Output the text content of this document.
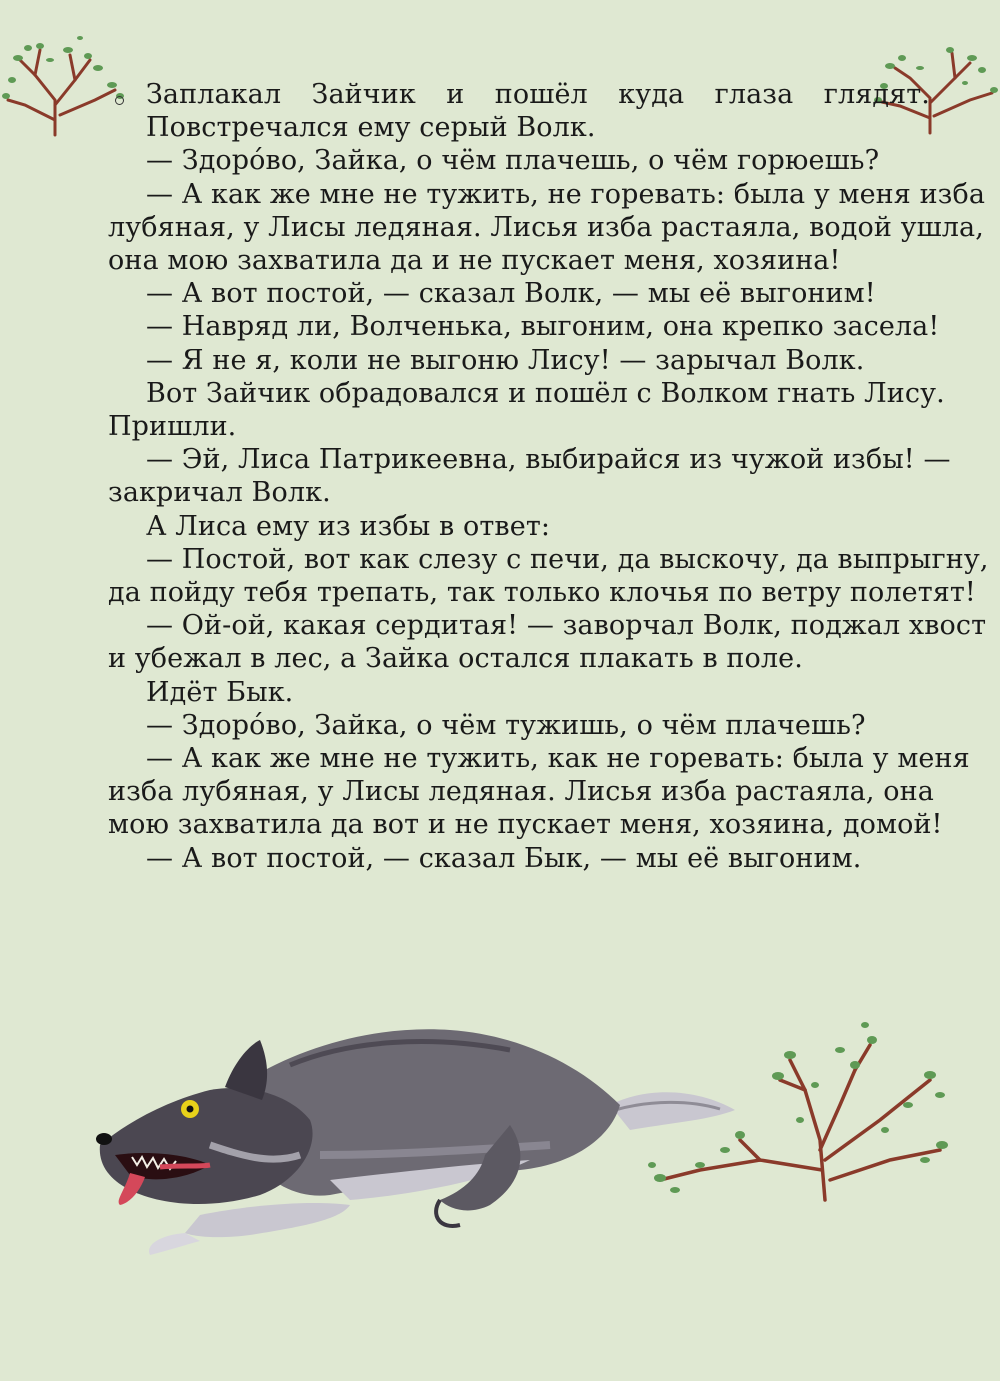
Заплакал Зайчик и пошёл куда глаза глядят.
Повстречался ему серый Волк.
— Здоро́во, Зайка, о чём плачешь, о чём горюешь?
— А как же мне не тужить, не горевать: была у меня изба
лубяная, у Лисы ледяная. Лисья изба растаяла, водой ушла,
она мою захватила да и не пускает меня, хозяина!
— А вот постой, — сказал Волк, — мы её выгоним!
— Навряд ли, Волченька, выгоним, она крепко засела!
— Я не я, коли не выгоню Лису! — зарычал Волк.
Вот Зайчик обрадовался и пошёл с Волком гнать Лису.
Пришли.
— Эй, Лиса Патрикеевна, выбирайся из чужой избы! —
закричал Волк.
А Лиса ему из избы в ответ:
— Постой, вот как слезу с печи, да выскочу, да выпрыгну,
да пойду тебя трепать, так только клочья по ветру полетят!
— Ой-ой, какая сердитая! — заворчал Волк, поджал хвост
и убежал в лес, а Зайка остался плакать в поле.
Идёт Бык.
— Здоро́во, Зайка, о чём тужишь, о чём плачешь?
— А как же мне не тужить, как не горевать: была у меня
изба лубяная, у Лисы ледяная. Лисья изба растаяла, она
мою захватила да вот и не пускает меня, хозяина, домой!
— А вот постой, — сказал Бык, — мы её выгоним.
